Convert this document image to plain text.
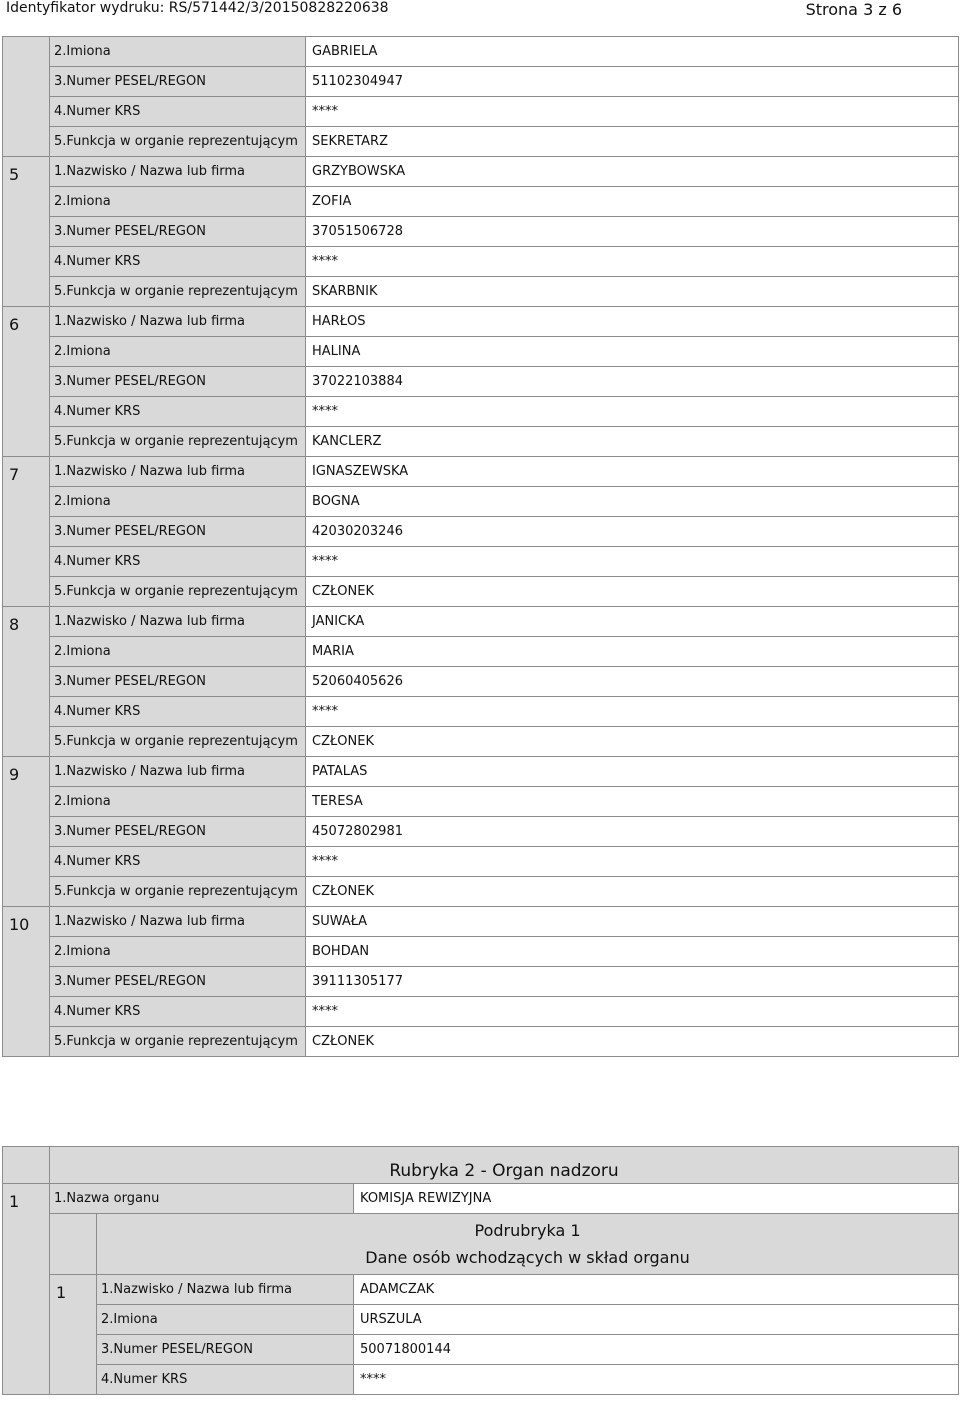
Identyfikator wydruku: RS/571442/3/20150828220638	Strona 3 z 6
	2.Imiona	GABRIELA
	3.Numer PESEL/REGON	51102304947
	4.Numer KRS	****
	5.Funkcja w organie reprezentującym	SEKRETARZ
5	1.Nazwisko / Nazwa lub firma	GRZYBOWSKA
	2.Imiona	ZOFIA
	3.Numer PESEL/REGON	37051506728
	4.Numer KRS	****
	5.Funkcja w organie reprezentującym	SKARBNIK
6	1.Nazwisko / Nazwa lub firma	HARŁOS
	2.Imiona	HALINA
	3.Numer PESEL/REGON	37022103884
	4.Numer KRS	****
	5.Funkcja w organie reprezentującym	KANCLERZ
7	1.Nazwisko / Nazwa lub firma	IGNASZEWSKA
	2.Imiona	BOGNA
	3.Numer PESEL/REGON	42030203246
	4.Numer KRS	****
	5.Funkcja w organie reprezentującym	CZŁONEK
8	1.Nazwisko / Nazwa lub firma	JANICKA
	2.Imiona	MARIA
	3.Numer PESEL/REGON	52060405626
	4.Numer KRS	****
	5.Funkcja w organie reprezentującym	CZŁONEK
9	1.Nazwisko / Nazwa lub firma	PATALAS
	2.Imiona	TERESA
	3.Numer PESEL/REGON	45072802981
	4.Numer KRS	****
	5.Funkcja w organie reprezentującym	CZŁONEK
10	1.Nazwisko / Nazwa lub firma	SUWAŁA
	2.Imiona	BOHDAN
	3.Numer PESEL/REGON	39111305177
	4.Numer KRS	****
	5.Funkcja w organie reprezentującym	CZŁONEK
	Rubryka 2 - Organ nadzoru		
1	1.Nazwa organu		KOMISJA REWIZYJNA

		Podrubryka 1
Dane osób wchodzących w skład organu	

	1	1.Nazwisko / Nazwa lub firma	ADAMCZAK
		2.Imiona	URSZULA
		3.Numer PESEL/REGON	50071800144
		4.Numer KRS	****
